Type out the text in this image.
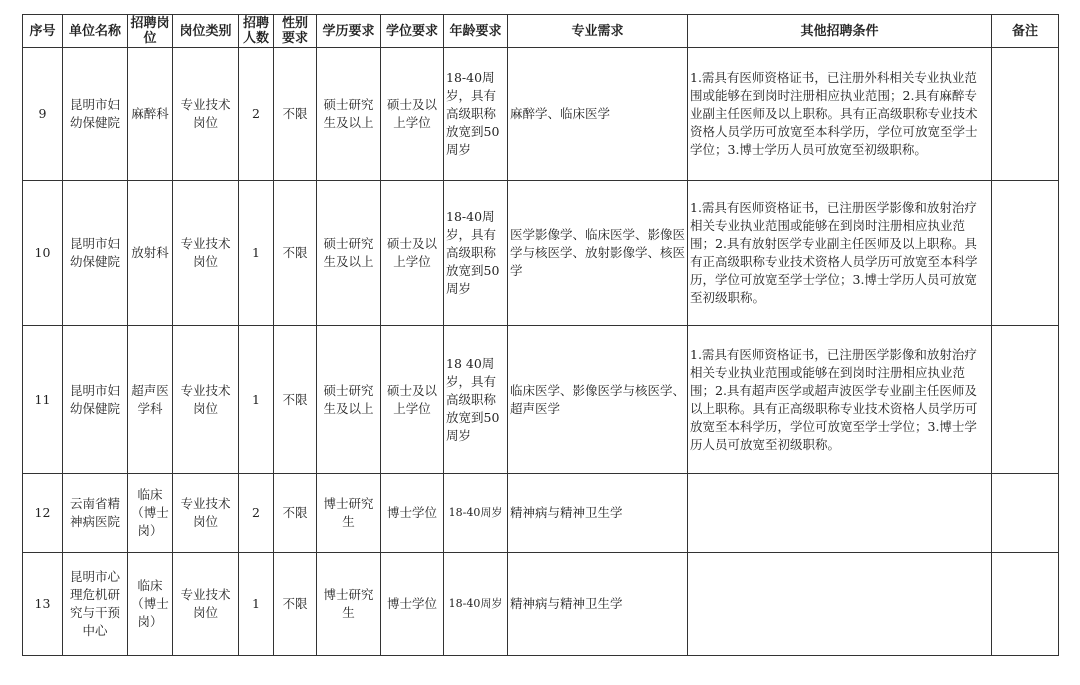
序号	单位名称	招聘岗位	岗位类别	招聘人数	性别要求	学历要求	学位要求	年龄要求	专业需求	其他招聘条件	备注
9	昆明市妇幼保健院	麻醉科	专业技术岗位	2	不限	硕士研究生及以上	硕士及以上学位	18-40周岁，具有高级职称放宽到50周岁	麻醉学、临床医学	1.需具有医师资格证书，已注册外科相关专业执业范围或能够在到岗时注册相应执业范围；2.具有麻醉专业副主任医师及以上职称。具有正高级职称专业技术资格人员学历可放宽至本科学历，学位可放宽至学士学位；3.博士学历人员可放宽至初级职称。	
10	昆明市妇幼保健院	放射科	专业技术岗位	1	不限	硕士研究生及以上	硕士及以上学位	18-40周岁，具有高级职称放宽到50周岁	医学影像学、临床医学、影像医学与核医学、放射影像学、核医学	1.需具有医师资格证书，已注册医学影像和放射治疗相关专业执业范围或能够在到岗时注册相应执业范围；2.具有放射医学专业副主任医师及以上职称。具有正高级职称专业技术资格人员学历可放宽至本科学历，学位可放宽至学士学位；3.博士学历人员可放宽至初级职称。	
11	昆明市妇幼保健院	超声医学科	专业技术岗位	1	不限	硕士研究生及以上	硕士及以上学位	18 40周岁，具有高级职称放宽到50周岁	临床医学、影像医学与核医学、超声医学	1.需具有医师资格证书，已注册医学影像和放射治疗相关专业执业范围或能够在到岗时注册相应执业范围；2.具有超声医学或超声波医学专业副主任医师及以上职称。具有正高级职称专业技术资格人员学历可放宽至本科学历，学位可放宽至学士学位；3.博士学历人员可放宽至初级职称。	
12	云南省精神病医院	临床（博士岗）	专业技术岗位	2	不限	博士研究生	博士学位	18-40周岁	精神病与精神卫生学		
13	昆明市心理危机研究与干预中心	临床（博士岗）	专业技术岗位	1	不限	博士研究生	博士学位	18-40周岁	精神病与精神卫生学		
